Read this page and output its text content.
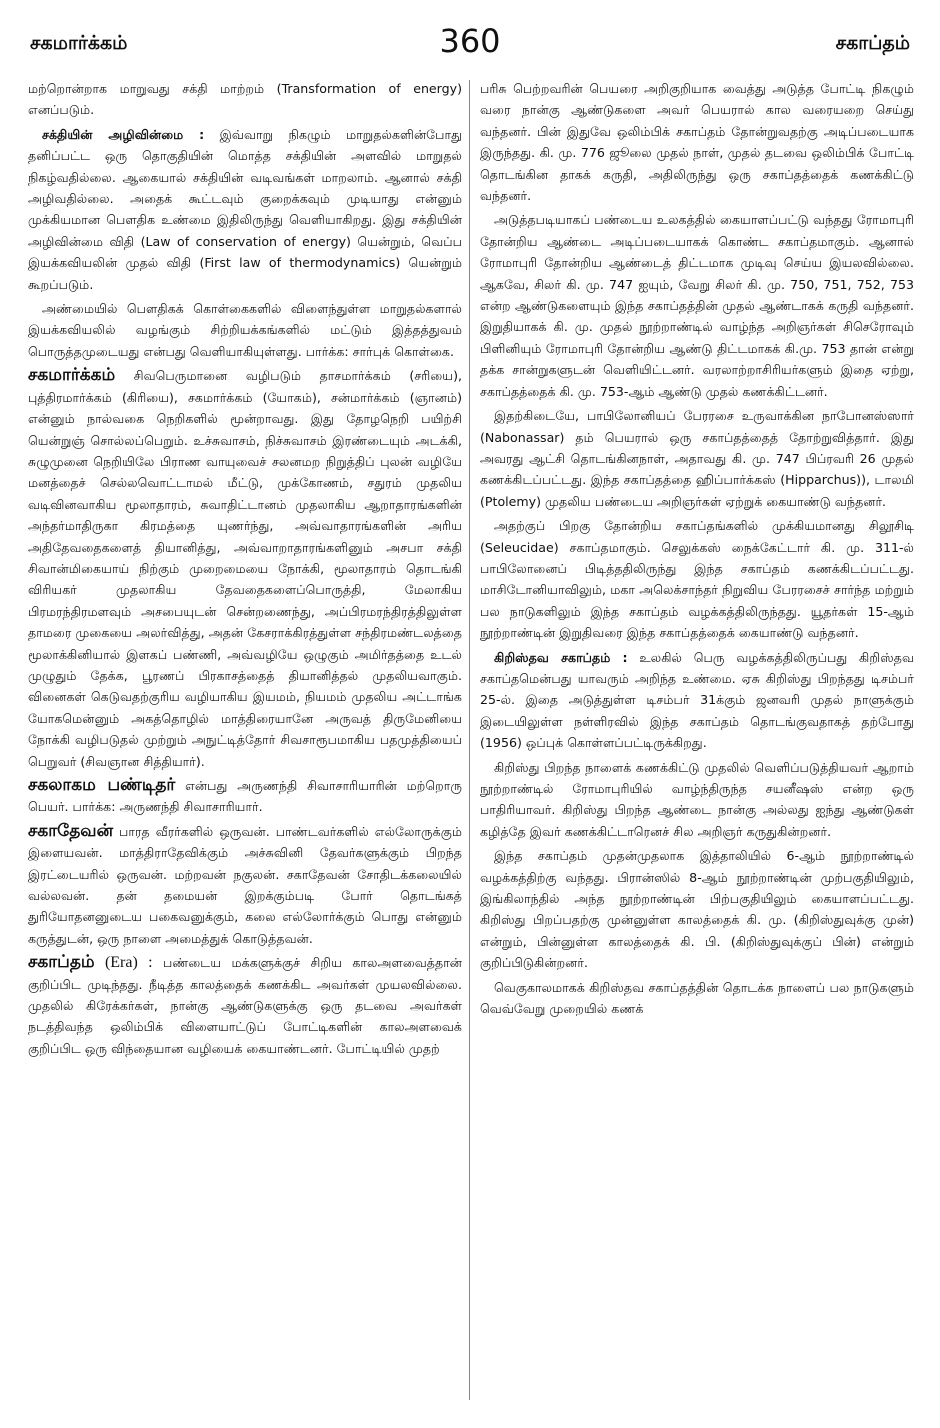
சகமார்க்கம்	360	சகாப்தம்

மற்றொன்றாக மாறுவது சக்தி மாற்றம் (Transformation of energy) எனப்படும்.

சக்தியின் அழிவின்மை : இவ்வாறு நிகழும் மாறுதல்களின்போது தனிப்பட்ட ஒரு தொகுதியின் மொத்த சக்தியின் அளவில் மாறுதல் நிகழ்வதில்லை. ஆகையால் சக்தியின் வடிவங்கள் மாறலாம். ஆனால் சக்தி அழிவதில்லை. அதைக் கூட்டவும் குறைக்கவும் முடியாது என்னும் முக்கியமான பௌதிக உண்மை இதிலிருந்து வெளியாகிறது. இது சக்தியின் அழிவின்மை விதி (Law of conservation of energy) யென்றும், வெப்ப இயக்கவியலின் முதல் விதி (First law of thermodynamics) யென்றும் கூறப்படும்.

அண்மையில் பௌதிகக் கொள்கைகளில் விளைந்துள்ள மாறுதல்களால் இயக்கவியலில் வழங்கும் சிற்றியக்கங்களில் மட்டும் இத்தத்துவம் பொருத்தமுடையது என்பது வெளியாகியுள்ளது. பார்க்க: சார்புக் கொள்கை.

சகமார்க்கம் சிவபெருமானை வழிபடும் தாசமார்க்கம் (சரியை), புத்திரமார்க்கம் (கிரியை), சகமார்க்கம் (யோகம்), சன்மார்க்கம் (ஞானம்) என்னும் நால்வகை நெறிகளில் மூன்றாவது. இது தோழநெறி பயிற்சி யென்றுஞ் சொல்லப்பெறும். உச்சுவாசம், நிச்சுவாசம் இரண்டையும் அடக்கி, சுழுமுனை நெறியிலே பிராண வாயுவைச் சலனமற நிறுத்திப் புலன் வழியே மனத்தைச் செல்லவொட்டாமல் மீட்டு, முக்கோணம், சதுரம் முதலிய வடிவினவாகிய மூலாதாரம், சுவாதிட்டானம் முதலாகிய ஆறாதாரங்களின் அந்தர்மாதிருகா கிரமத்தை யுணர்ந்து, அவ்வாதாரங்களின் அரிய அதிதேவதைகளைத் தியானித்து, அவ்வாறாதாரங்களினும் அசபா சக்தி சிவான்மிகையாய் நிற்கும் முறைமையை நோக்கி, மூலாதாரம் தொடங்கி விரியகர் முதலாகிய தேவதைகளைப்பொருத்தி, மேலாகிய பிரமரந்திரமளவும் அசபையுடன் சென்றணைந்து, அப்பிரமரந்திரத்திலுள்ள தாமரை முகையை அலர்வித்து, அதன் கேசராக்கிரத்துள்ள சந்திரமண்டலத்தை மூலாக்கினியால் இளகப் பண்ணி, அவ்வழியே ஒழுகும் அமிர்தத்தை உடல் முழுதும் தேக்க, பூரணப் பிரகாசத்தைத் தியானித்தல் முதலியவாகும். வினைகள் கெடுவதற்குரிய வழியாகிய இயமம், நியமம் முதலிய அட்டாங்க யோகமென்னும் அகத்தொழில் மாத்திரையானே அருவத் திருமேனியை நோக்கி வழிபடுதல் முற்றும் அநுட்டித்தோர் சிவசாரூபமாகிய பதமுத்தியைப் பெறுவர் (சிவஞான சித்தியார்).

சகலாகம பண்டிதர் என்பது அருணந்தி சிவாசாரியாரின் மற்றொரு பெயர். பார்க்க: அருணந்தி சிவாசாரியார்.

சகாதேவன் பாரத வீரர்களில் ஒருவன். பாண்டவர்களில் எல்லோருக்கும் இளையவன். மாத்திராதேவிக்கும் அச்சுவினி தேவர்களுக்கும் பிறந்த இரட்டையரில் ஒருவன். மற்றவன் நகுலன். சகாதேவன் சோதிடக்கலையில் வல்லவன். தன் தமையன் இறக்கும்படி போர் தொடங்கத் துரியோதனனுடைய பகைவனுக்கும், கலை எல்லோர்க்கும் பொது என்னும் கருத்துடன், ஒரு நாளை அமைத்துக் கொடுத்தவன்.

சகாப்தம் (Era) : பண்டைய மக்களுக்குச் சிறிய காலஅளவைத்தான் குறிப்பிட முடிந்தது. நீடித்த காலத்தைக் கணக்கிட அவர்கள் முயலவில்லை. முதலில் கிரேக்கர்கள், நான்கு ஆண்டுகளுக்கு ஒரு தடவை அவர்கள் நடத்திவந்த ஒலிம்பிக் விளையாட்டுப் போட்டிகளின் காலஅளவைக் குறிப்பிட ஒரு விந்தையான வழியைக் கையாண்டனர். போட்டியில் முதற்

பரிசு பெற்றவரின் பெயரை அறிகுறியாக வைத்து அடுத்த போட்டி நிகழும் வரை நான்கு ஆண்டுகளை அவர் பெயரால் கால வரையறை செய்து வந்தனர். பின் இதுவே ஒலிம்பிக் சகாப்தம் தோன்றுவதற்கு அடிப்படையாக இருந்தது. கி. மு. 776 ஜூலை முதல் நாள், முதல் தடவை ஒலிம்பிக் போட்டி தொடங்கின தாகக் கருதி, அதிலிருந்து ஒரு சகாப்தத்தைக் கணக்கிட்டு வந்தனர்.

அடுத்தபடியாகப் பண்டைய உலகத்தில் கையாளப்பட்டு வந்தது ரோமாபுரி தோன்றிய ஆண்டை அடிப்படையாகக் கொண்ட சகாப்தமாகும். ஆனால் ரோமாபுரி தோன்றிய ஆண்டைத் திட்டமாக முடிவு செய்ய இயலவில்லை. ஆகவே, சிலர் கி. மு. 747 ஐயும், வேறு சிலர் கி. மு. 750, 751, 752, 753 என்ற ஆண்டுகளையும் இந்த சகாப்தத்தின் முதல் ஆண்டாகக் கருதி வந்தனர். இறுதியாகக் கி. மு. முதல் நூற்றாண்டில் வாழ்ந்த அறிஞர்கள் சிசெரோவும் பிளினியும் ரோமாபுரி தோன்றிய ஆண்டு திட்டமாகக் கி.மு. 753 தான் என்று தக்க சான்றுகளுடன் வெளியிட்டனர். வரலாற்றாசிரியர்களும் இதை ஏற்று, சகாப்தத்தைக் கி. மு. 753-ஆம் ஆண்டு முதல் கணக்கிட்டனர்.

இதற்கிடையே, பாபிலோனியப் பேரரசை உருவாக்கின நாபோனஸ்ஸார் (Nabonassar) தம் பெயரால் ஒரு சகாப்தத்தைத் தோற்றுவித்தார். இது அவரது ஆட்சி தொடங்கினநாள், அதாவது கி. மு. 747 பிப்ரவரி 26 முதல் கணக்கிடப்பட்டது. இந்த சகாப்தத்தை ஹிப்பார்க்கஸ் (Hipparchus)), டாலமி (Ptolemy) முதலிய பண்டைய அறிஞர்கள் ஏற்றுக் கையாண்டு வந்தனர்.

அதற்குப் பிறகு தோன்றிய சகாப்தங்களில் முக்கியமானது சிலூசிடி (Seleucidae) சகாப்தமாகும். செலுக்கஸ் நைக்கேட்டார் கி. மு. 311-ல் பாபிலோனைப் பிடித்ததிலிருந்து இந்த சகாப்தம் கணக்கிடப்பட்டது. மாசிடோனியாவிலும், மகா அலெக்சாந்தர் நிறுவிய பேரரசைச் சார்ந்த மற்றும் பல நாடுகளிலும் இந்த சகாப்தம் வழக்கத்திலிருந்தது. யூதர்கள் 15-ஆம் நூற்றாண்டின் இறுதிவரை இந்த சகாப்தத்தைக் கையாண்டு வந்தனர்.

கிறிஸ்தவ சகாப்தம் : உலகில் பெரு வழக்கத்திலிருப்பது கிறிஸ்தவ சகாப்தமென்பது யாவரும் அறிந்த உண்மை. ஏசு கிறிஸ்து பிறந்தது டிசம்பர் 25-ல். இதை அடுத்துள்ள டிசம்பர் 31க்கும் ஜனவரி முதல் நாளுக்கும் இடையிலுள்ள நள்ளிரவில் இந்த சகாப்தம் தொடங்குவதாகத் தற்போது (1956) ஒப்புக் கொள்ளப்பட்டிருக்கிறது.

கிறிஸ்து பிறந்த நாளைக் கணக்கிட்டு முதலில் வெளிப்படுத்தியவர் ஆறாம் நூற்றாண்டில் ரோமாபுரியில் வாழ்ந்திருந்த சயனீஷஸ் என்ற ஒரு பாதிரியாவர். கிறிஸ்து பிறந்த ஆண்டை நான்கு அல்லது ஐந்து ஆண்டுகள் கழித்தே இவர் கணக்கிட்டாரெனச் சில அறிஞர் கருதுகின்றனர்.

இந்த சகாப்தம் முதன்முதலாக இத்தாலியில் 6-ஆம் நூற்றாண்டில் வழக்கத்திற்கு வந்தது. பிரான்ஸில் 8-ஆம் நூற்றாண்டின் முற்பகுதியிலும், இங்கிலாந்தில் அந்த நூற்றாண்டின் பிற்பகுதியிலும் கையாளப்பட்டது. கிறிஸ்து பிறப்பதற்கு முன்னுள்ள காலத்தைக் கி. மு. (கிறிஸ்துவுக்கு முன்) என்றும், பின்னுள்ள காலத்தைக் கி. பி. (கிறிஸ்துவுக்குப் பின்) என்றும் குறிப்பிடுகின்றனர்.

வெகுகாலமாகக் கிறிஸ்தவ சகாப்தத்தின் தொடக்க நாளைப் பல நாடுகளும் வெவ்வேறு முறையில் கணக்
